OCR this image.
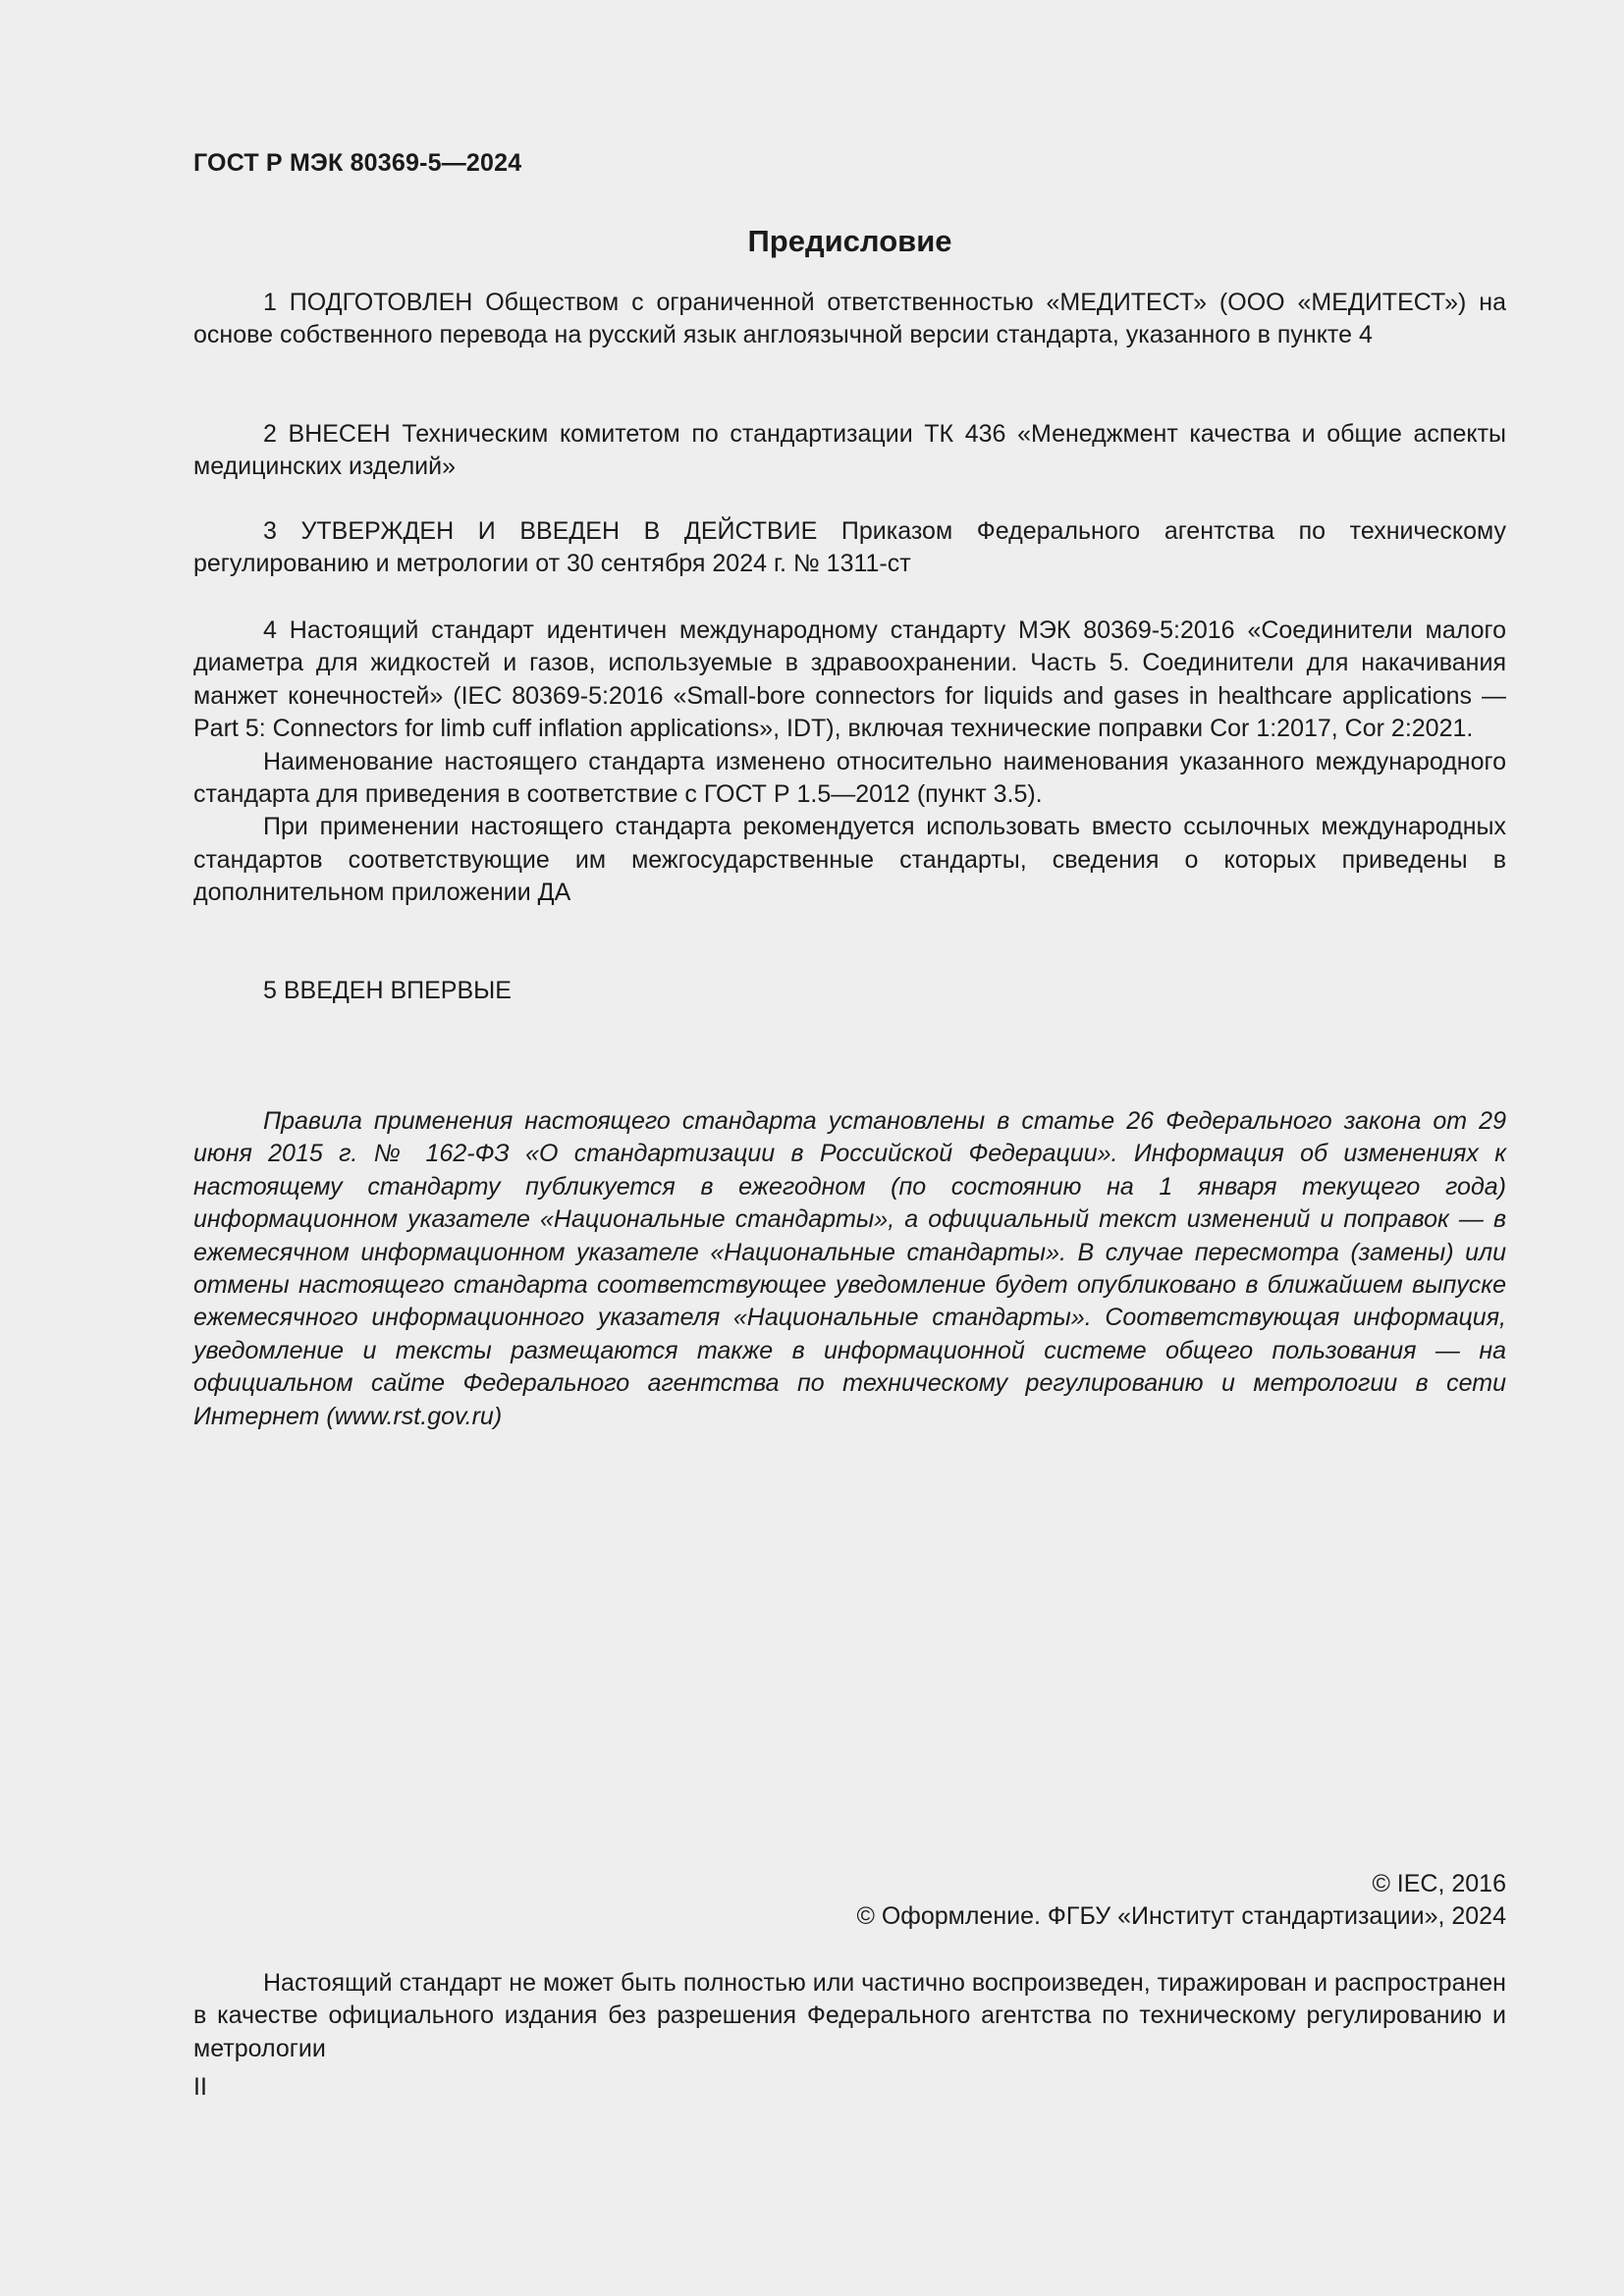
ГОСТ Р МЭК 80369-5—2024
Предисловие

1 ПОДГОТОВЛЕН Обществом с ограниченной ответственностью «МЕДИТЕСТ» (ООО «МЕДИТЕСТ») на основе собственного перевода на русский язык англоязычной версии стандарта, указанного в пункте 4

2 ВНЕСЕН Техническим комитетом по стандартизации ТК 436 «Менеджмент качества и общие аспекты медицинских изделий»

3 УТВЕРЖДЕН И ВВЕДЕН В ДЕЙСТВИЕ Приказом Федерального агентства по техническому регулированию и метрологии от 30 сентября 2024 г. № 1311-ст

4 Настоящий стандарт идентичен международному стандарту МЭК 80369-5:2016 «Соединители малого диаметра для жидкостей и газов, используемые в здравоохранении. Часть 5. Соединители для накачивания манжет конечностей» (IEC 80369-5:2016 «Small-bore connectors for liquids and gases in healthcare applications — Part 5: Connectors for limb cuff inflation applications», IDT), включая технические поправки Cor 1:2017, Cor 2:2021.

Наименование настоящего стандарта изменено относительно наименования указанного международного стандарта для приведения в соответствие с ГОСТ Р 1.5—2012 (пункт 3.5).

При применении настоящего стандарта рекомендуется использовать вместо ссылочных международных стандартов соответствующие им межгосударственные стандарты, сведения о которых приведены в дополнительном приложении ДА

5 ВВЕДЕН ВПЕРВЫЕ

Правила применения настоящего стандарта установлены в статье 26 Федерального закона от 29 июня 2015 г. № 162-ФЗ «О стандартизации в Российской Федерации». Информация об изменениях к настоящему стандарту публикуется в ежегодном (по состоянию на 1 января текущего года) информационном указателе «Национальные стандарты», а официальный текст изменений и поправок — в ежемесячном информационном указателе «Национальные стандарты». В случае пересмотра (замены) или отмены настоящего стандарта соответствующее уведомление будет опубликовано в ближайшем выпуске ежемесячного информационного указателя «Национальные стандарты». Соответствующая информация, уведомление и тексты размещаются также в информационной системе общего пользования — на официальном сайте Федерального агентства по техническому регулированию и метрологии в сети Интернет (www.rst.gov.ru)

© IEC, 2016
© Оформление. ФГБУ «Институт стандартизации», 2024

Настоящий стандарт не может быть полностью или частично воспроизведен, тиражирован и распространен в качестве официального издания без разрешения Федерального агентства по техническому регулированию и метрологии

II
